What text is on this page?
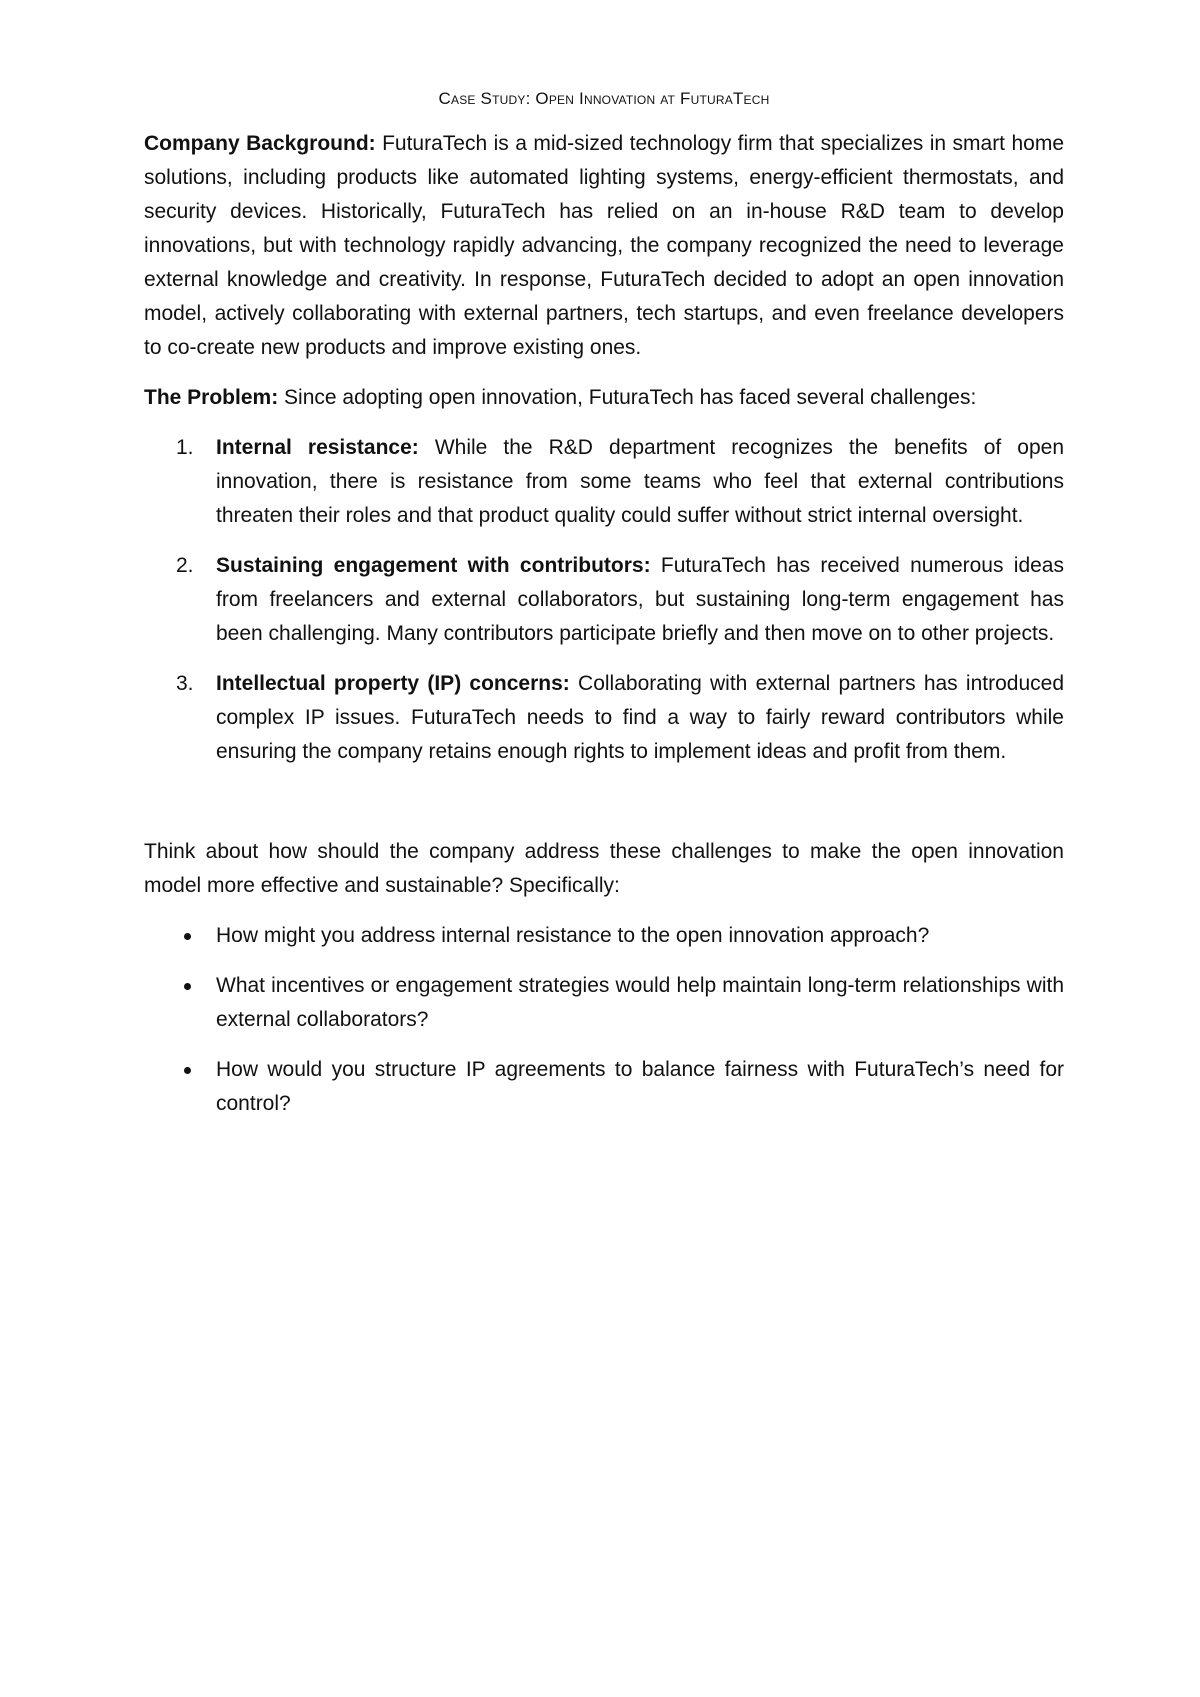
Case Study: Open Innovation at FuturaTech

Company Background: FuturaTech is a mid-sized technology firm that specializes in smart home solutions, including products like automated lighting systems, energy-efficient thermostats, and security devices. Historically, FuturaTech has relied on an in-house R&D team to develop innovations, but with technology rapidly advancing, the company recognized the need to leverage external knowledge and creativity. In response, FuturaTech decided to adopt an open innovation model, actively collaborating with external partners, tech startups, and even freelance developers to co-create new products and improve existing ones.

The Problem: Since adopting open innovation, FuturaTech has faced several challenges:

1. Internal resistance: While the R&D department recognizes the benefits of open innovation, there is resistance from some teams who feel that external contributions threaten their roles and that product quality could suffer without strict internal oversight.
2. Sustaining engagement with contributors: FuturaTech has received numerous ideas from freelancers and external collaborators, but sustaining long-term engagement has been challenging. Many contributors participate briefly and then move on to other projects.
3. Intellectual property (IP) concerns: Collaborating with external partners has introduced complex IP issues. FuturaTech needs to find a way to fairly reward contributors while ensuring the company retains enough rights to implement ideas and profit from them.

Think about how should the company address these challenges to make the open innovation model more effective and sustainable? Specifically:

How might you address internal resistance to the open innovation approach?
What incentives or engagement strategies would help maintain long-term relationships with external collaborators?
How would you structure IP agreements to balance fairness with FuturaTech’s need for control?
